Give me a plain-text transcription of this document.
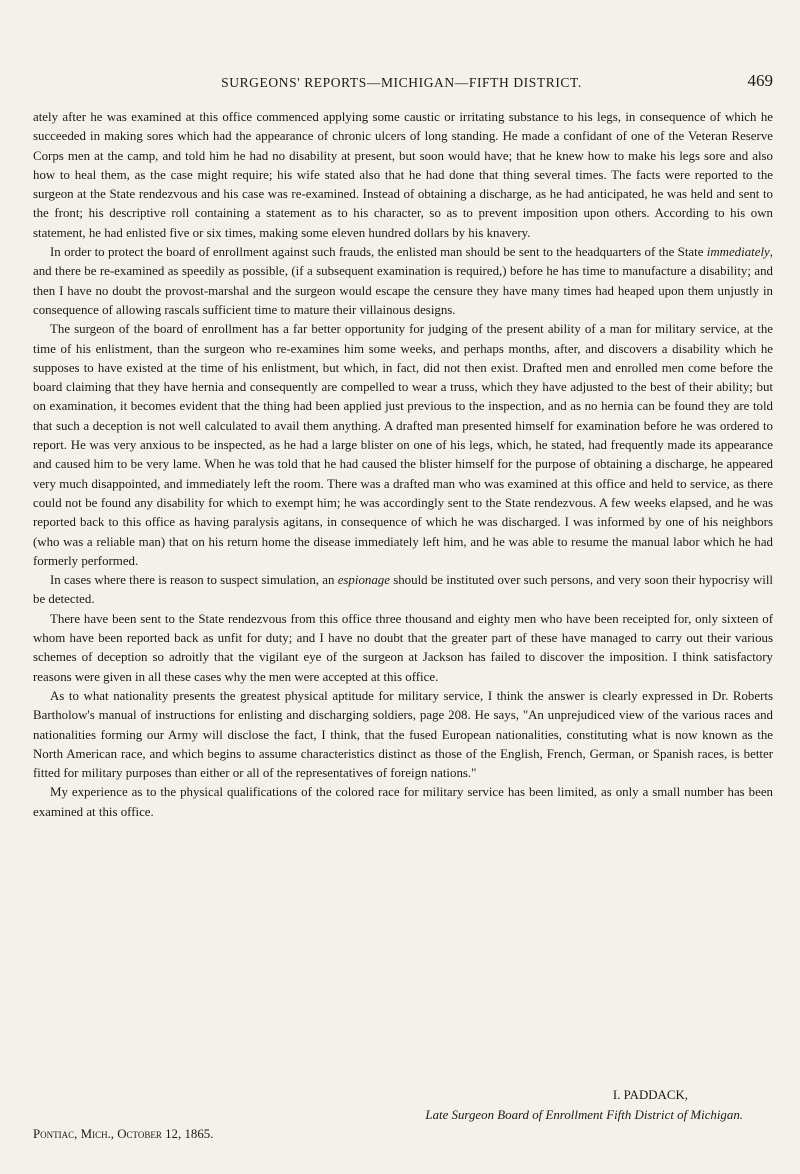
SURGEONS' REPORTS—MICHIGAN—FIFTH DISTRICT.	469

ately after he was examined at this office commenced applying some caustic or irritating substance to his legs, in consequence of which he succeeded in making sores which had the appearance of chronic ulcers of long standing. He made a confidant of one of the Veteran Reserve Corps men at the camp, and told him he had no disability at present, but soon would have; that he knew how to make his legs sore and also how to heal them, as the case might require; his wife stated also that he had done that thing several times. The facts were reported to the surgeon at the State rendezvous and his case was re-examined. Instead of obtaining a discharge, as he had anticipated, he was held and sent to the front; his descriptive roll containing a statement as to his character, so as to prevent imposition upon others. According to his own statement, he had enlisted five or six times, making some eleven hundred dollars by his knavery.

In order to protect the board of enrollment against such frauds, the enlisted man should be sent to the headquarters of the State immediately, and there be re-examined as speedily as possible, (if a subsequent examination is required,) before he has time to manufacture a disability; and then I have no doubt the provost-marshal and the surgeon would escape the censure they have many times had heaped upon them unjustly in consequence of allowing rascals sufficient time to mature their villainous designs.

The surgeon of the board of enrollment has a far better opportunity for judging of the present ability of a man for military service, at the time of his enlistment, than the surgeon who re-examines him some weeks, and perhaps months, after, and discovers a disability which he supposes to have existed at the time of his enlistment, but which, in fact, did not then exist. Drafted men and enrolled men come before the board claiming that they have hernia and consequently are compelled to wear a truss, which they have adjusted to the best of their ability; but on examination, it becomes evident that the thing had been applied just previous to the inspection, and as no hernia can be found they are told that such a deception is not well calculated to avail them anything. A drafted man presented himself for examination before he was ordered to report. He was very anxious to be inspected, as he had a large blister on one of his legs, which, he stated, had frequently made its appearance and caused him to be very lame. When he was told that he had caused the blister himself for the purpose of obtaining a discharge, he appeared very much disappointed, and immediately left the room. There was a drafted man who was examined at this office and held to service, as there could not be found any disability for which to exempt him; he was accordingly sent to the State rendezvous. A few weeks elapsed, and he was reported back to this office as having paralysis agitans, in consequence of which he was discharged. I was informed by one of his neighbors (who was a reliable man) that on his return home the disease immediately left him, and he was able to resume the manual labor which he had formerly performed.

In cases where there is reason to suspect simulation, an espionage should be instituted over such persons, and very soon their hypocrisy will be detected.

There have been sent to the State rendezvous from this office three thousand and eighty men who have been receipted for, only sixteen of whom have been reported back as unfit for duty; and I have no doubt that the greater part of these have managed to carry out their various schemes of deception so adroitly that the vigilant eye of the surgeon at Jackson has failed to discover the imposition. I think satisfactory reasons were given in all these cases why the men were accepted at this office.

As to what nationality presents the greatest physical aptitude for military service, I think the answer is clearly expressed in Dr. Roberts Bartholow's manual of instructions for enlisting and discharging soldiers, page 208. He says, "An unprejudiced view of the various races and nationalities forming our Army will disclose the fact, I think, that the fused European nationalities, constituting what is now known as the North American race, and which begins to assume characteristics distinct as those of the English, French, German, or Spanish races, is better fitted for military purposes than either or all of the representatives of foreign nations."

My experience as to the physical qualifications of the colored race for military service has been limited, as only a small number has been examined at this office.

I. PADDACK,
Late Surgeon Board of Enrollment Fifth District of Michigan.
Pontiac, Mich., October 12, 1865.
